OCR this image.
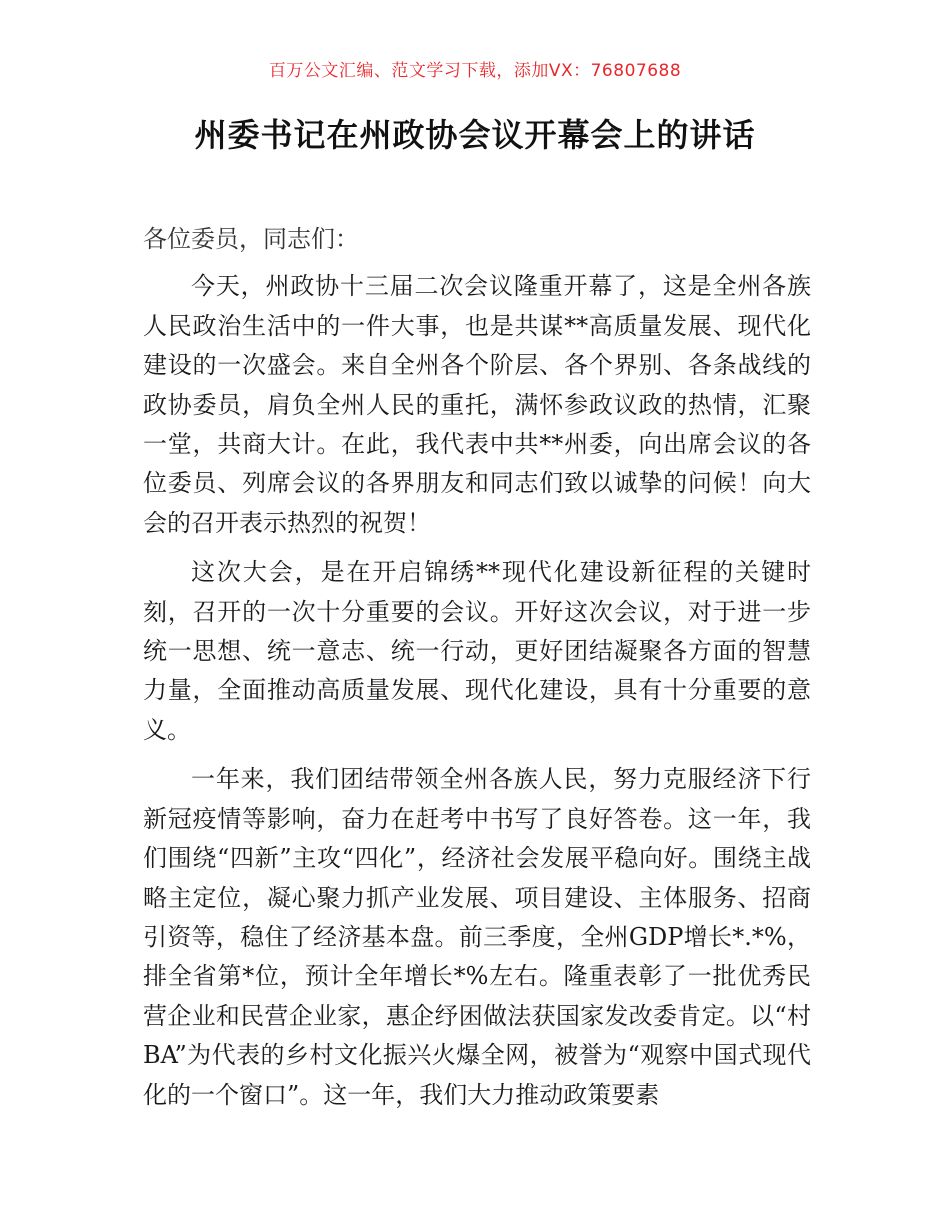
百万公文汇编、范文学习下载，添加VX：76807688
州委书记在州政协会议开幕会上的讲话

各位委员，同志们：

今天，州政协十三届二次会议隆重开幕了，这是全州各族人民政治生活中的一件大事，也是共谋**高质量发展、现代化建设的一次盛会。来自全州各个阶层、各个界别、各条战线的政协委员，肩负全州人民的重托，满怀参政议政的热情，汇聚一堂，共商大计。在此，我代表中共**州委，向出席会议的各位委员、列席会议的各界朋友和同志们致以诚挚的问候！向大会的召开表示热烈的祝贺！

这次大会，是在开启锦绣**现代化建设新征程的关键时刻，召开的一次十分重要的会议。开好这次会议，对于进一步统一思想、统一意志、统一行动，更好团结凝聚各方面的智慧力量，全面推动高质量发展、现代化建设，具有十分重要的意义。

一年来，我们团结带领全州各族人民，努力克服经济下行新冠疫情等影响，奋力在赶考中书写了良好答卷。这一年，我们围绕“四新”主攻“四化”，经济社会发展平稳向好。围绕主战略主定位，凝心聚力抓产业发展、项目建设、主体服务、招商引资等，稳住了经济基本盘。前三季度，全州GDP增长*.*%，排全省第*位，预计全年增长*%左右。隆重表彰了一批优秀民营企业和民营企业家，惠企纾困做法获国家发改委肯定。以“村BA”为代表的乡村文化振兴火爆全网，被誉为“观察中国式现代化的一个窗口”。这一年，我们大力推动政策要素
